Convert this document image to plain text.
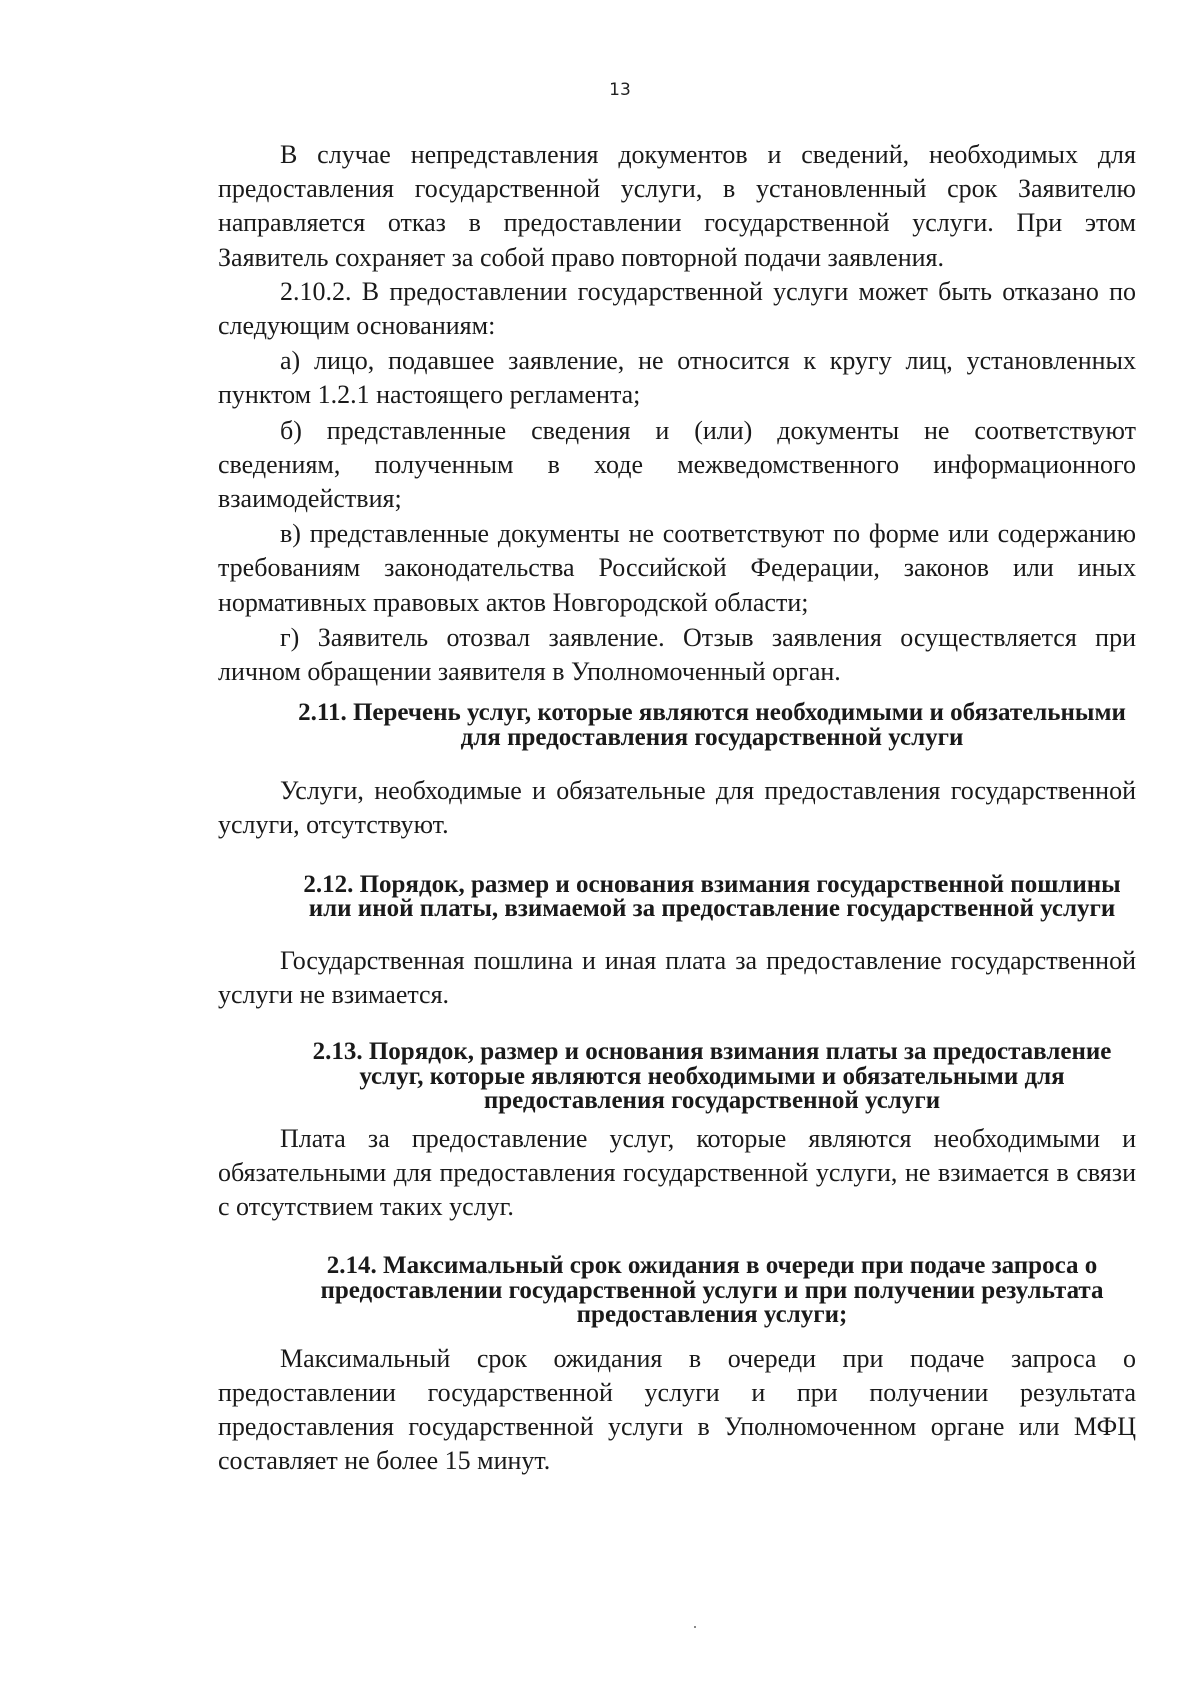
13

В случае непредставления документов и сведений, необходимых для предоставления государственной услуги, в установленный срок Заявителю направляется отказ в предоставлении государственной услуги. При этом Заявитель сохраняет за собой право повторной подачи заявления.

2.10.2. В предоставлении государственной услуги может быть отказано по следующим основаниям:

а) лицо, подавшее заявление, не относится к кругу лиц, установленных пунктом 1.2.1 настоящего регламента;

б) представленные сведения и (или) документы не соответствуют сведениям, полученным в ходе межведомственного информационного взаимодействия;

в) представленные документы не соответствуют по форме или содержанию требованиям законодательства Российской Федерации, законов или иных нормативных правовых актов Новгородской области;

г) Заявитель отозвал заявление. Отзыв заявления осуществляется при личном обращении заявителя в Уполномоченный орган.

2.11. Перечень услуг, которые являются необходимыми и обязательными для предоставления государственной услуги

Услуги, необходимые и обязательные для предоставления государственной услуги, отсутствуют.

2.12. Порядок, размер и основания взимания государственной пошлины или иной платы, взимаемой за предоставление государственной услуги

Государственная пошлина и иная плата за предоставление государственной услуги не взимается.

2.13. Порядок, размер и основания взимания платы за предоставление услуг, которые являются необходимыми и обязательными для предоставления государственной услуги

Плата за предоставление услуг, которые являются необходимыми и обязательными для предоставления государственной услуги, не взимается в связи с отсутствием таких услуг.

2.14. Максимальный срок ожидания в очереди при подаче запроса о предоставлении государственной услуги и при получении результата предоставления услуги;

Максимальный срок ожидания в очереди при подаче запроса о предоставлении государственной услуги и при получении результата предоставления государственной услуги в Уполномоченном органе или МФЦ составляет не более 15 минут.
